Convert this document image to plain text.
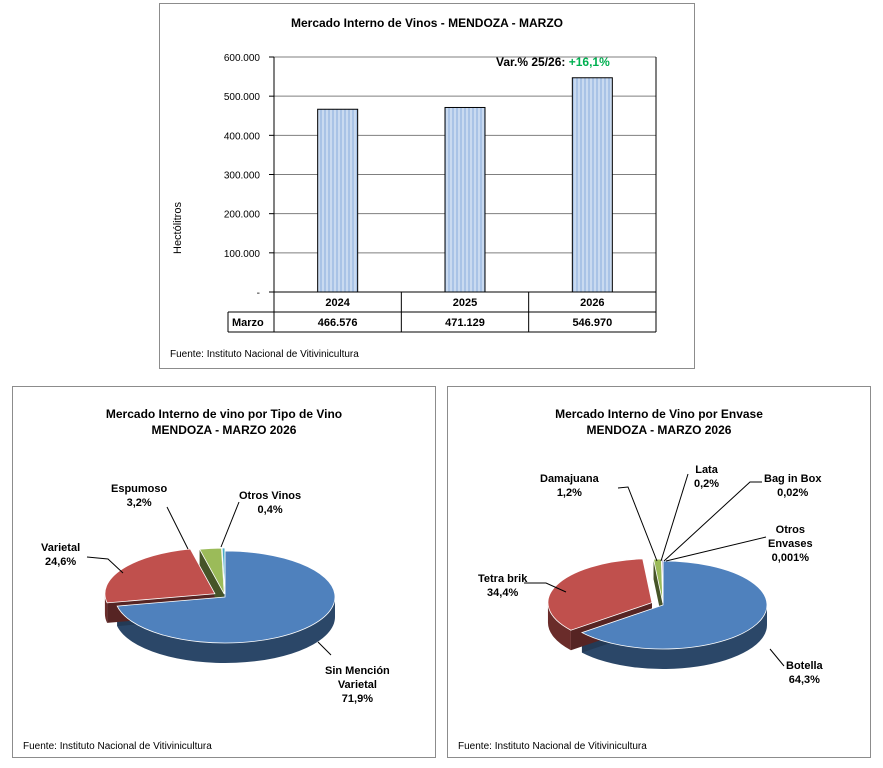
Mercado Interno de Vinos - MENDOZA - MARZO
Var.% 25/26: +16,1%
Hectólitros
-
100.000
200.000
300.000
400.000
500.000
600.000
Marzo
2024
466.576
2025
471.129
2026
546.970
Fuente: Instituto Nacional de Vitivinicultura
Mercado Interno de vino por Tipo de Vino
MENDOZA - MARZO 2026
Sin Mención
Varietal
71,9%
Varietal
24,6%
Espumoso
3,2%
Otros Vinos
0,4%
Fuente: Instituto Nacional de Vitivinicultura
Mercado Interno de Vino por Envase
MENDOZA - MARZO 2026
Botella
64,3%
Tetra brik
34,4%
Damajuana
1,2%
Lata
0,2%	Bag in Box
0,02%
Otros
Envases
0,001%
Fuente: Instituto Nacional de Vitivinicultura
